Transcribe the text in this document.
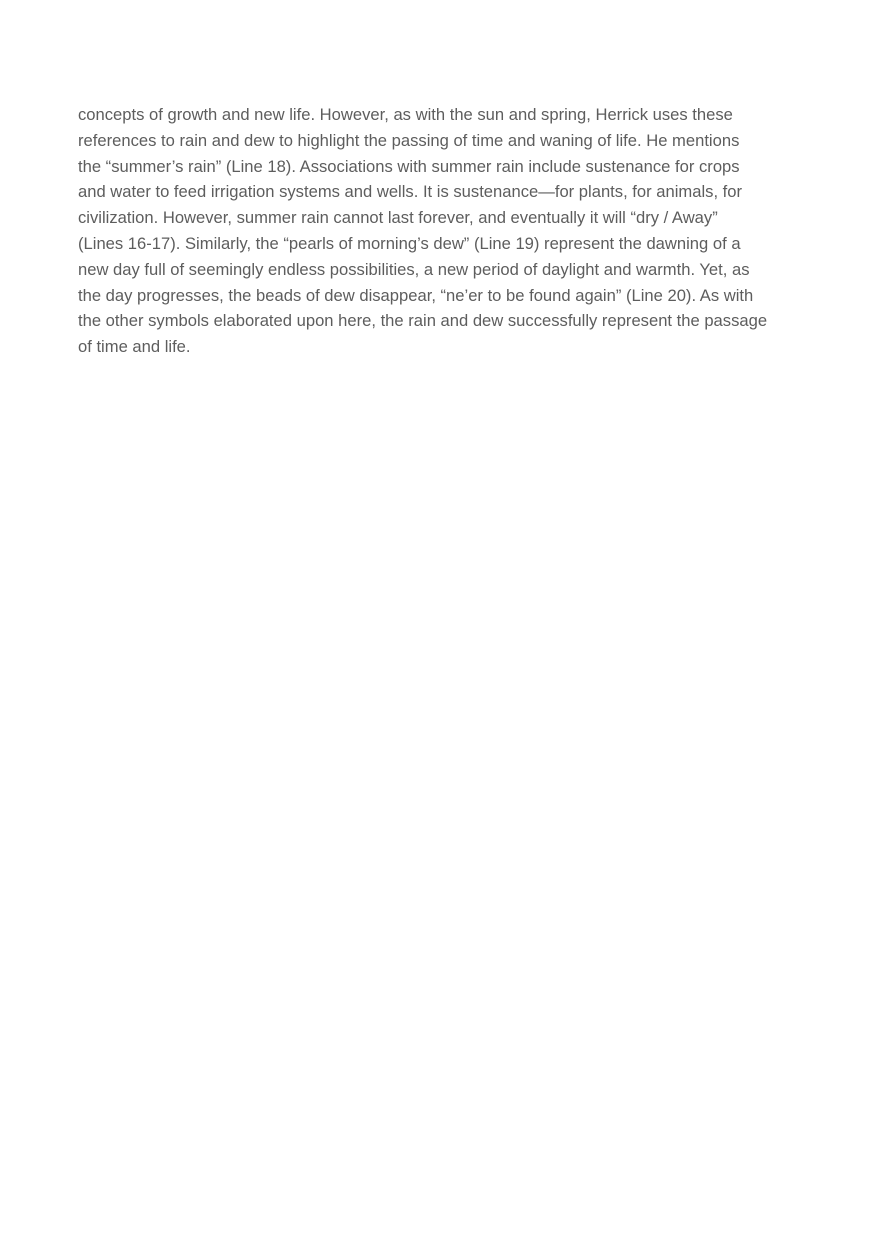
concepts of growth and new life. However, as with the sun and spring, Herrick uses these
references to rain and dew to highlight the passing of time and waning of life. He mentions
the “summer’s rain” (Line 18). Associations with summer rain include sustenance for crops
and water to feed irrigation systems and wells. It is sustenance—for plants, for animals, for
civilization. However, summer rain cannot last forever, and eventually it will “dry / Away”
(Lines 16-17). Similarly, the “pearls of morning’s dew” (Line 19) represent the dawning of a
new day full of seemingly endless possibilities, a new period of daylight and warmth. Yet, as
the day progresses, the beads of dew disappear, “ne’er to be found again” (Line 20). As with
the other symbols elaborated upon here, the rain and dew successfully represent the passage
of time and life.
